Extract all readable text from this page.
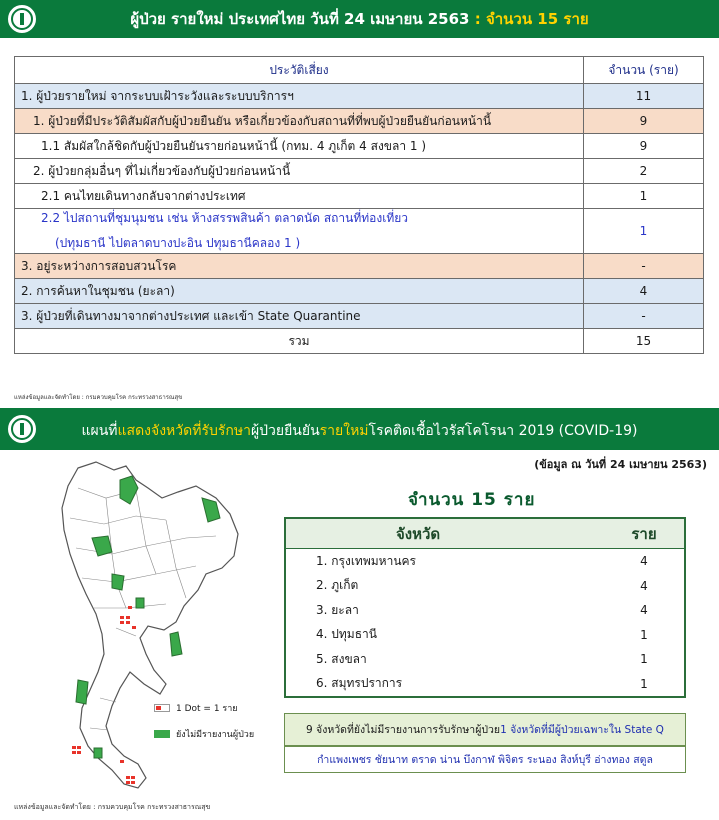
ผู้ป่วย รายใหม่ ประเทศไทย วันที่ 24 เมษายน 2563 : จำนวน 15 ราย
ประวัติเสี่ยง	จำนวน (ราย)
1. ผู้ป่วยรายใหม่ จากระบบเฝ้าระวังและระบบบริการฯ	11
1. ผู้ป่วยที่มีประวัติสัมผัสกับผู้ป่วยยืนยัน หรือเกี่ยวข้องกับสถานที่ที่พบผู้ป่วยยืนยันก่อนหน้านี้	9
1.1 สัมผัสใกล้ชิดกับผู้ป่วยยืนยันรายก่อนหน้านี้ (กทม. 4 ภูเก็ต 4 สงขลา 1 )	9
2. ผู้ป่วยกลุ่มอื่นๆ ที่ไม่เกี่ยวข้องกับผู้ป่วยก่อนหน้านี้	2
2.1 คนไทยเดินทางกลับจากต่างประเทศ	1

2.2 ไปสถานที่ชุมนุมชน เช่น ห้างสรรพสินค้า ตลาดนัด สถานที่ท่องเที่ยว
(ปทุมธานี ไปตลาดบางปะอิน ปทุมธานีคลอง 1 )	1
3. อยู่ระหว่างการสอบสวนโรค	-
2. การค้นหาในชุมชน (ยะลา)	4
3. ผู้ป่วยที่เดินทางมาจากต่างประเทศ และเข้า State Quarantine	-
รวม	15
แหล่งข้อมูลและจัดทำโดย : กรมควบคุมโรค กระทรวงสาธารณสุข
แผนที่แสดงจังหวัดที่รับรักษาผู้ป่วยยืนยันรายใหม่โรคติดเชื้อไวรัสโคโรนา 2019 (COVID-19)
(ข้อมูล ณ วันที่ 24 เมษายน 2563)
จำนวน 15 ราย
1 Dot = 1 ราย
ยังไม่มีรายงานผู้ป่วย
จังหวัด	ราย
1. กรุงเทพมหานคร	4
2. ภูเก็ต	4
3. ยะลา	4
4. ปทุมธานี	1
5. สงขลา	1
6. สมุทรปราการ	1
9 จังหวัดที่ยังไม่มีรายงานการรับรักษาผู้ป่วย 1 จังหวัดที่มีผู้ป่วยเฉพาะใน State Q
กำแพงเพชร ชัยนาท ตราด น่าน บึงกาฬ พิจิตร ระนอง สิงห์บุรี อ่างทอง สตูล
แหล่งข้อมูลและจัดทำโดย : กรมควบคุมโรค กระทรวงสาธารณสุข
